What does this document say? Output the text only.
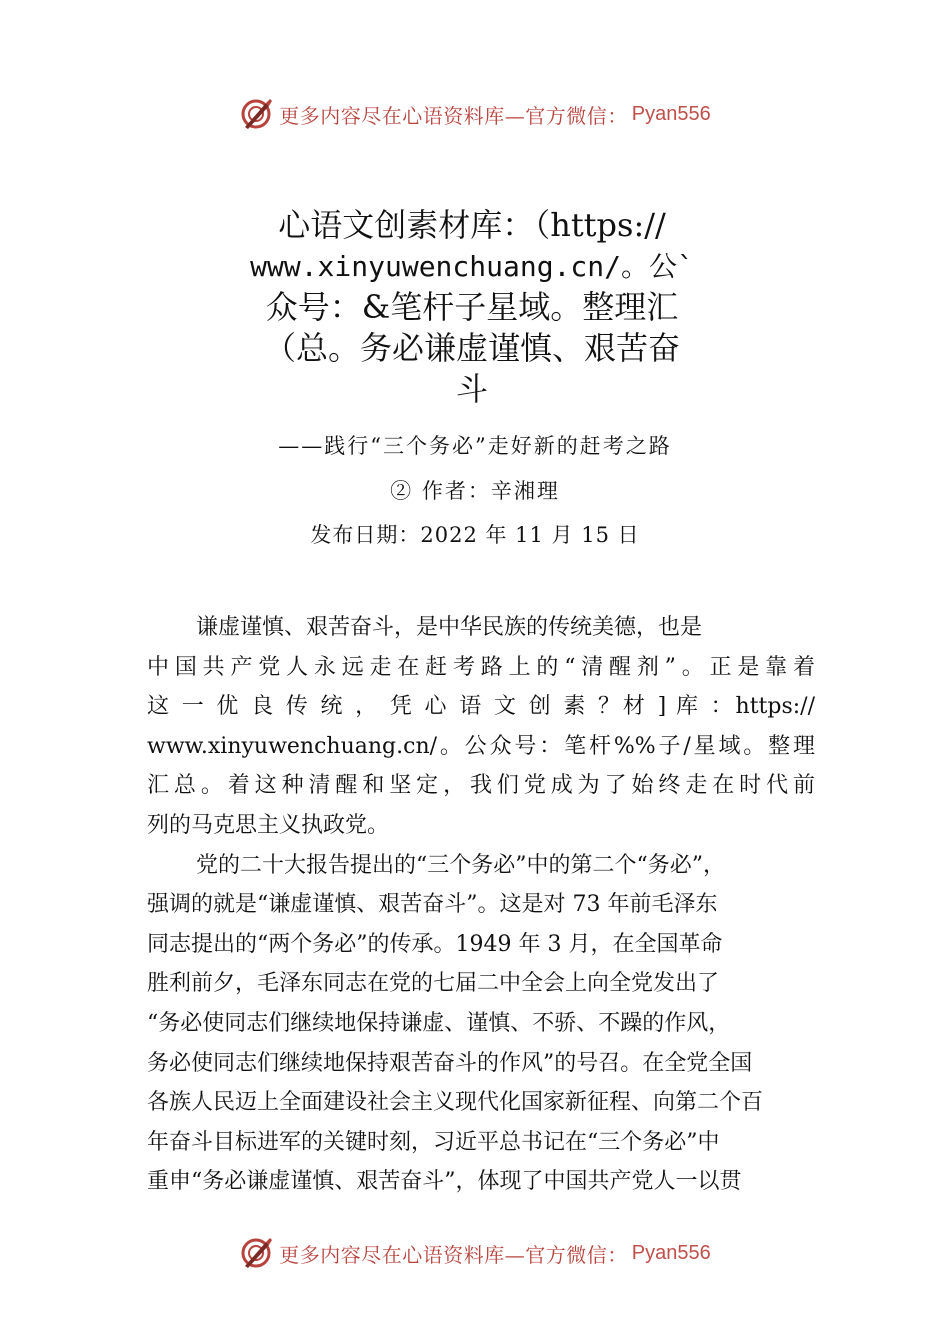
更多内容尽在心语资料库—官方微信： Pyan556
心语文创素材库：（https://
www.xinyuwenchuang.cn/。公`
众号：&笔杆子星域。整理汇
（总。务必谦虚谨慎、艰苦奋
斗
——践行“三个务必”走好新的赶考之路
② 作者：辛湘理
发布日期：2022 年 11 月 15 日
谦虚谨慎、艰苦奋斗，是中华民族的传统美德，也是
中国共产党人永远走在赶考路上的“清醒剂”。正是靠着
这 一 优 良 传 统 ， 凭 心 语 文 创 素 ？材 ] 库 ：https://
www.xinyuwenchuang.cn/。公众号：笔杆%%子/星域。整理
汇总。着这种清醒和坚定，我们党成为了始终走在时代前
列的马克思主义执政党。
党的二十大报告提出的“三个务必”中的第二个“务必”，
强调的就是“谦虚谨慎、艰苦奋斗”。这是对 73 年前毛泽东
同志提出的“两个务必”的传承。1949 年 3 月，在全国革命
胜利前夕，毛泽东同志在党的七届二中全会上向全党发出了
“务必使同志们继续地保持谦虚、谨慎、不骄、不躁的作风，
务必使同志们继续地保持艰苦奋斗的作风”的号召。在全党全国
各族人民迈上全面建设社会主义现代化国家新征程、向第二个百
年奋斗目标进军的关键时刻，习近平总书记在“三个务必”中
重申“务必谦虚谨慎、艰苦奋斗”，体现了中国共产党人一以贯
更多内容尽在心语资料库—官方微信： Pyan556
